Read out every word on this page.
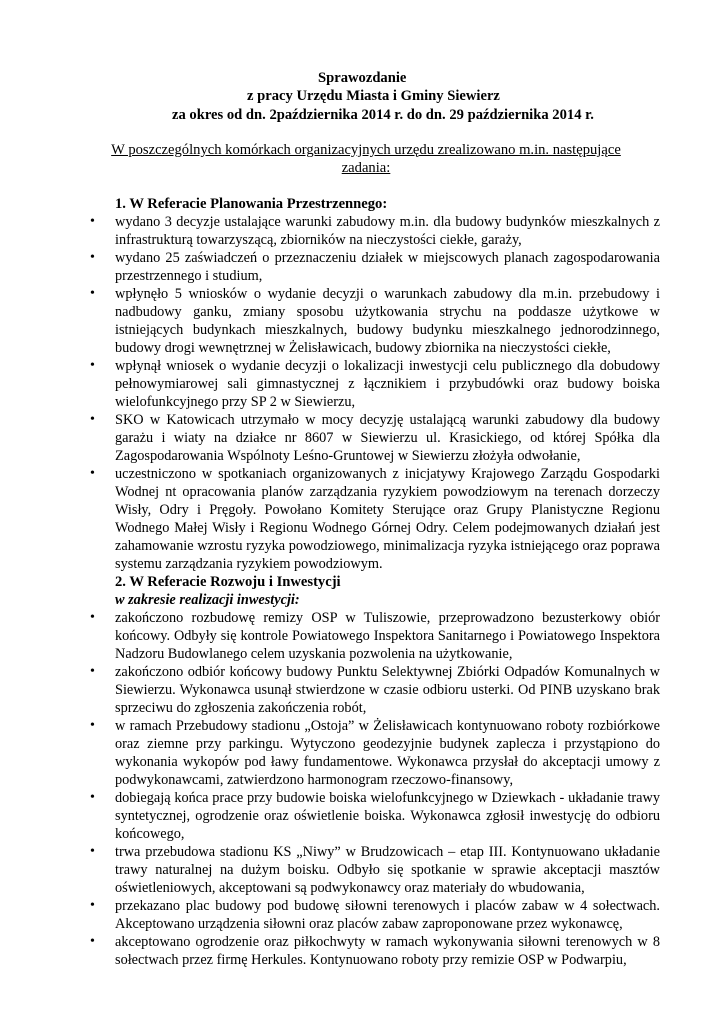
Sprawozdanie
z pracy Urzędu Miasta i Gminy Siewierz
za okres od dn. 2października 2014 r. do dn. 29 października 2014 r.
W poszczególnych komórkach organizacyjnych urzędu zrealizowano m.in. następujące zadania:
1. W Referacie Planowania Przestrzennego:
• wydano 3 decyzje ustalające warunki zabudowy m.in. dla budowy budynków mieszkalnych z infrastrukturą towarzyszącą, zbiorników na nieczystości ciekłe, garaży,
• wydano 25 zaświadczeń o przeznaczeniu działek w miejscowych planach zagospodarowania przestrzennego i studium,
• wpłynęło 5 wniosków o wydanie decyzji o warunkach zabudowy dla m.in. przebudowy i nadbudowy ganku, zmiany sposobu użytkowania strychu na poddasze użytkowe w istniejących budynkach mieszkalnych, budowy budynku mieszkalnego jednorodzinnego, budowy drogi wewnętrznej w Żelisławicach, budowy zbiornika na nieczystości ciekłe,
• wpłynął wniosek o wydanie decyzji o lokalizacji inwestycji celu publicznego dla dobudowy pełnowymiarowej sali gimnastycznej z łącznikiem i przybudówki oraz budowy boiska wielofunkcyjnego przy SP 2 w Siewierzu,
• SKO w Katowicach utrzymało w mocy decyzję ustalającą warunki zabudowy dla budowy garażu i wiaty na działce nr 8607 w Siewierzu ul. Krasickiego, od której Spółka dla Zagospodarowania Wspólnoty Leśno-Gruntowej w Siewierzu złożyła odwołanie,
• uczestniczono w spotkaniach organizowanych z inicjatywy Krajowego Zarządu Gospodarki Wodnej nt opracowania planów zarządzania ryzykiem powodziowym na terenach dorzeczy Wisły, Odry i Pręgoły. Powołano Komitety Sterujące oraz Grupy Planistyczne Regionu Wodnego Małej Wisły i Regionu Wodnego Górnej Odry. Celem podejmowanych działań jest zahamowanie wzrostu ryzyka powodziowego, minimalizacja ryzyka istniejącego oraz poprawa systemu zarządzania ryzykiem powodziowym.
2. W Referacie Rozwoju i Inwestycji
w zakresie realizacji inwestycji:
• zakończono rozbudowę remizy OSP w Tuliszowie, przeprowadzono bezusterkowy obiór końcowy. Odbyły się kontrole Powiatowego Inspektora Sanitarnego i Powiatowego Inspektora Nadzoru Budowlanego celem uzyskania pozwolenia na użytkowanie,
• zakończono odbiór końcowy budowy Punktu Selektywnej Zbiórki Odpadów Komunalnych w Siewierzu. Wykonawca usunął stwierdzone w czasie odbioru usterki. Od PINB uzyskano brak sprzeciwu do zgłoszenia zakończenia robót,
• w ramach Przebudowy stadionu „Ostoja” w Żelisławicach kontynuowano roboty rozbiórkowe oraz ziemne przy parkingu. Wytyczono geodezyjnie budynek zaplecza i przystąpiono do wykonania wykopów pod ławy fundamentowe. Wykonawca przysłał do akceptacji umowy z podwykonawcami, zatwierdzono harmonogram rzeczowo-finansowy,
• dobiegają końca prace przy budowie boiska wielofunkcyjnego w Dziewkach - układanie trawy syntetycznej, ogrodzenie oraz oświetlenie boiska. Wykonawca zgłosił inwestycję do odbioru końcowego,
• trwa przebudowa stadionu KS „Niwy” w Brudzowicach – etap III. Kontynuowano układanie trawy naturalnej na dużym boisku. Odbyło się spotkanie w sprawie akceptacji masztów oświetleniowych, akceptowani są podwykonawcy oraz materiały do wbudowania,
• przekazano plac budowy pod budowę siłowni terenowych i placów zabaw w 4 sołectwach. Akceptowano urządzenia siłowni oraz placów zabaw zaproponowane przez wykonawcę,
• akceptowano ogrodzenie oraz piłkochwyty w ramach wykonywania siłowni terenowych w 8 sołectwach przez firmę Herkules. Kontynuowano roboty przy remizie OSP w Podwarpiu,
